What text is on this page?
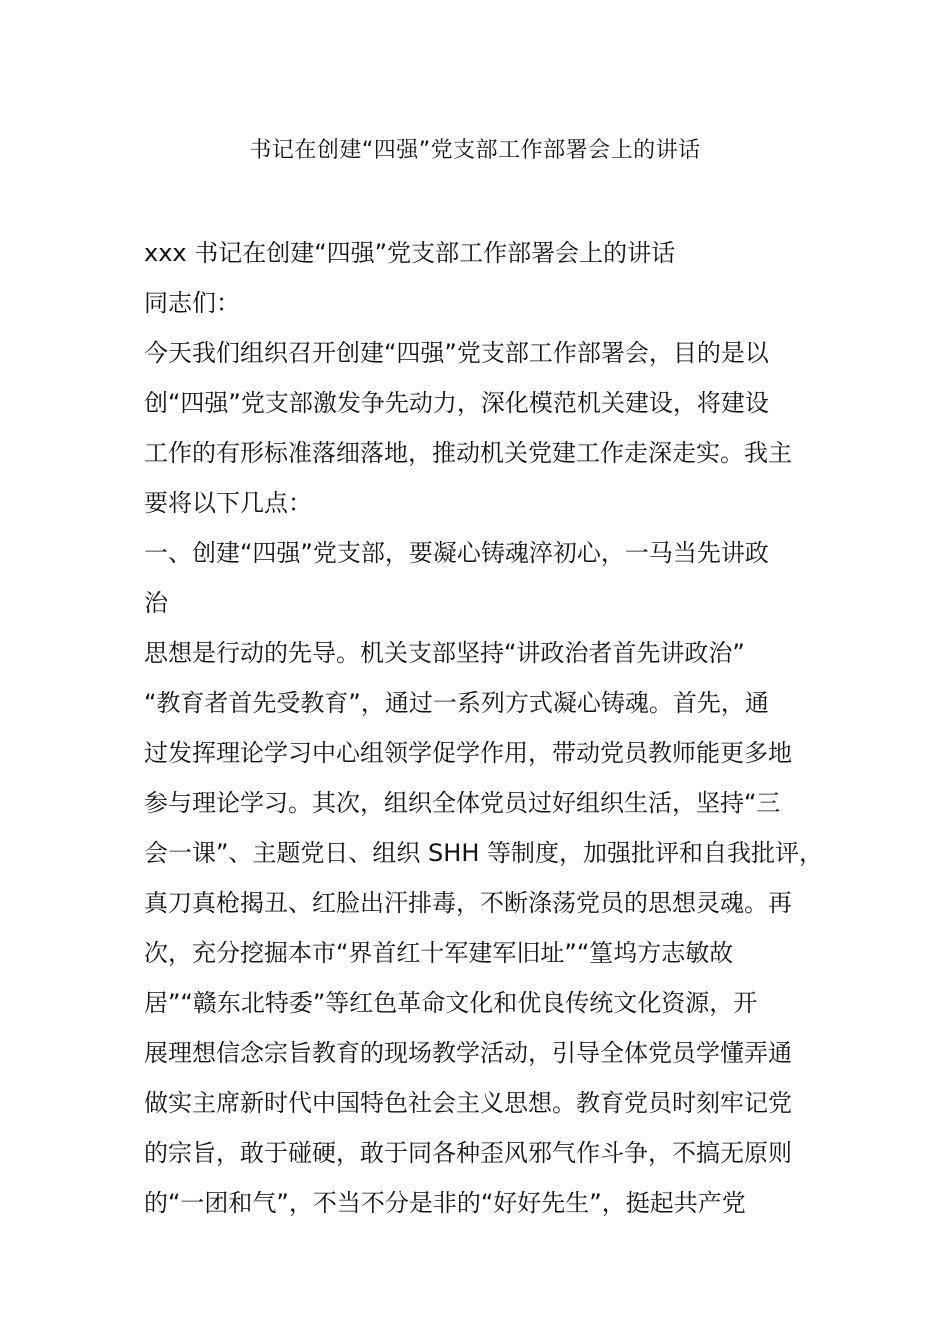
书记在创建“四强”党支部工作部署会上的讲话
xxx 书记在创建“四强”党支部工作部署会上的讲话
同志们：
今天我们组织召开创建“四强”党支部工作部署会，目的是以
创“四强”党支部激发争先动力，深化模范机关建设，将建设
工作的有形标准落细落地，推动机关党建工作走深走实。我主
要将以下几点：
一、创建“四强”党支部，要凝心铸魂淬初心，一马当先讲政
治
思想是行动的先导。机关支部坚持“讲政治者首先讲政治”
“教育者首先受教育”，通过一系列方式凝心铸魂。首先，通
过发挥理论学习中心组领学促学作用，带动党员教师能更多地
参与理论学习。其次，组织全体党员过好组织生活，坚持“三
会一课”、主题党日、组织 SHH 等制度，加强批评和自我批评，
真刀真枪揭丑、红脸出汗排毒，不断涤荡党员的思想灵魂。再
次，充分挖掘本市“界首红十军建军旧址”“篁坞方志敏故
居”“赣东北特委”等红色革命文化和优良传统文化资源，开
展理想信念宗旨教育的现场教学活动，引导全体党员学懂弄通
做实主席新时代中国特色社会主义思想。教育党员时刻牢记党
的宗旨，敢于碰硬，敢于同各种歪风邪气作斗争，不搞无原则
的“一团和气”，不当不分是非的“好好先生”，挺起共产党
